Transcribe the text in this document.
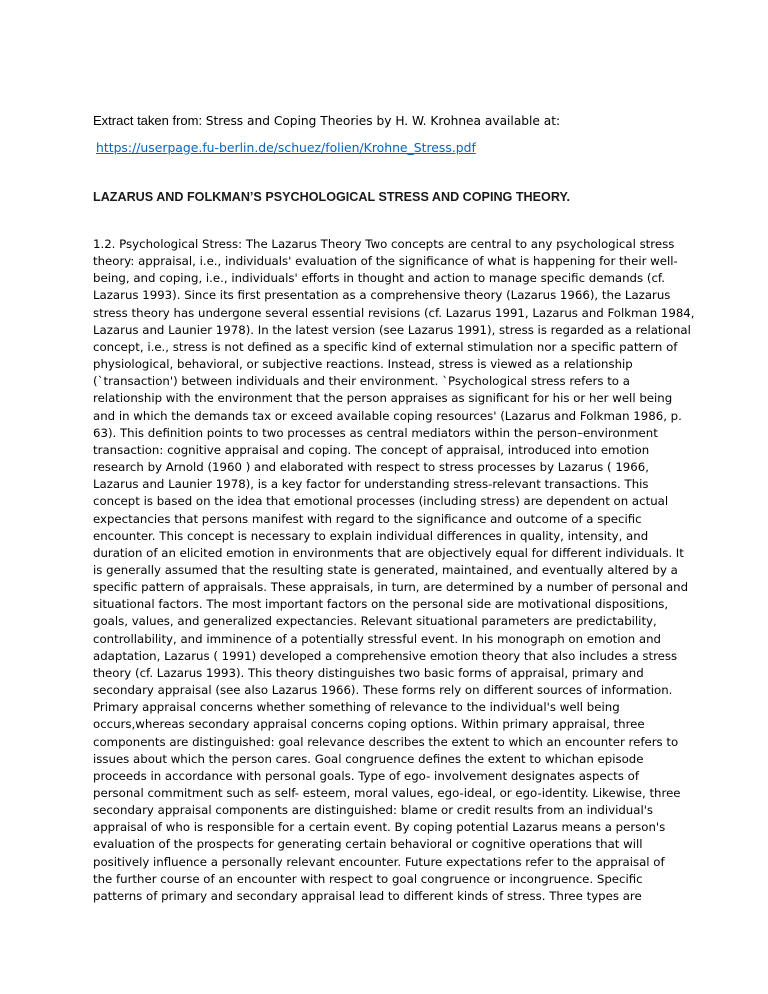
Extract taken from: Stress and Coping Theories by H. W. Krohnea available at:
https://userpage.fu-berlin.de/schuez/folien/Krohne_Stress.pdf
LAZARUS AND FOLKMAN’S PSYCHOLOGICAL STRESS AND COPING THEORY.
1.2. Psychological Stress: The Lazarus Theory Two concepts are central to any psychological stress
theory: appraisal, i.e., individuals' evaluation of the significance of what is happening for their well-
being, and coping, i.e., individuals' efforts in thought and action to manage specific demands (cf.
Lazarus 1993). Since its first presentation as a comprehensive theory (Lazarus 1966), the Lazarus
stress theory has undergone several essential revisions (cf. Lazarus 1991, Lazarus and Folkman 1984,
Lazarus and Launier 1978). In the latest version (see Lazarus 1991), stress is regarded as a relational
concept, i.e., stress is not defined as a specific kind of external stimulation nor a specific pattern of
physiological, behavioral, or subjective reactions. Instead, stress is viewed as a relationship
(`transaction') between individuals and their environment. `Psychological stress refers to a
relationship with the environment that the person appraises as significant for his or her well being
and in which the demands tax or exceed available coping resources' (Lazarus and Folkman 1986, p.
63). This definition points to two processes as central mediators within the person–environment
transaction: cognitive appraisal and coping. The concept of appraisal, introduced into emotion
research by Arnold (1960 ) and elaborated with respect to stress processes by Lazarus ( 1966,
Lazarus and Launier 1978), is a key factor for understanding stress-relevant transactions. This
concept is based on the idea that emotional processes (including stress) are dependent on actual
expectancies that persons manifest with regard to the significance and outcome of a specific
encounter. This concept is necessary to explain individual differences in quality, intensity, and
duration of an elicited emotion in environments that are objectively equal for different individuals. It
is generally assumed that the resulting state is generated, maintained, and eventually altered by a
specific pattern of appraisals. These appraisals, in turn, are determined by a number of personal and
situational factors. The most important factors on the personal side are motivational dispositions,
goals, values, and generalized expectancies. Relevant situational parameters are predictability,
controllability, and imminence of a potentially stressful event. In his monograph on emotion and
adaptation, Lazarus ( 1991) developed a comprehensive emotion theory that also includes a stress
theory (cf. Lazarus 1993). This theory distinguishes two basic forms of appraisal, primary and
secondary appraisal (see also Lazarus 1966). These forms rely on different sources of information.
Primary appraisal concerns whether something of relevance to the individual's well being
occurs,whereas secondary appraisal concerns coping options. Within primary appraisal, three
components are distinguished: goal relevance describes the extent to which an encounter refers to
issues about which the person cares. Goal congruence defines the extent to whichan episode
proceeds in accordance with personal goals. Type of ego- involvement designates aspects of
personal commitment such as self- esteem, moral values, ego-ideal, or ego-identity. Likewise, three
secondary appraisal components are distinguished: blame or credit results from an individual's
appraisal of who is responsible for a certain event. By coping potential Lazarus means a person's
evaluation of the prospects for generating certain behavioral or cognitive operations that will
positively influence a personally relevant encounter. Future expectations refer to the appraisal of
the further course of an encounter with respect to goal congruence or incongruence. Specific
patterns of primary and secondary appraisal lead to different kinds of stress. Three types are
